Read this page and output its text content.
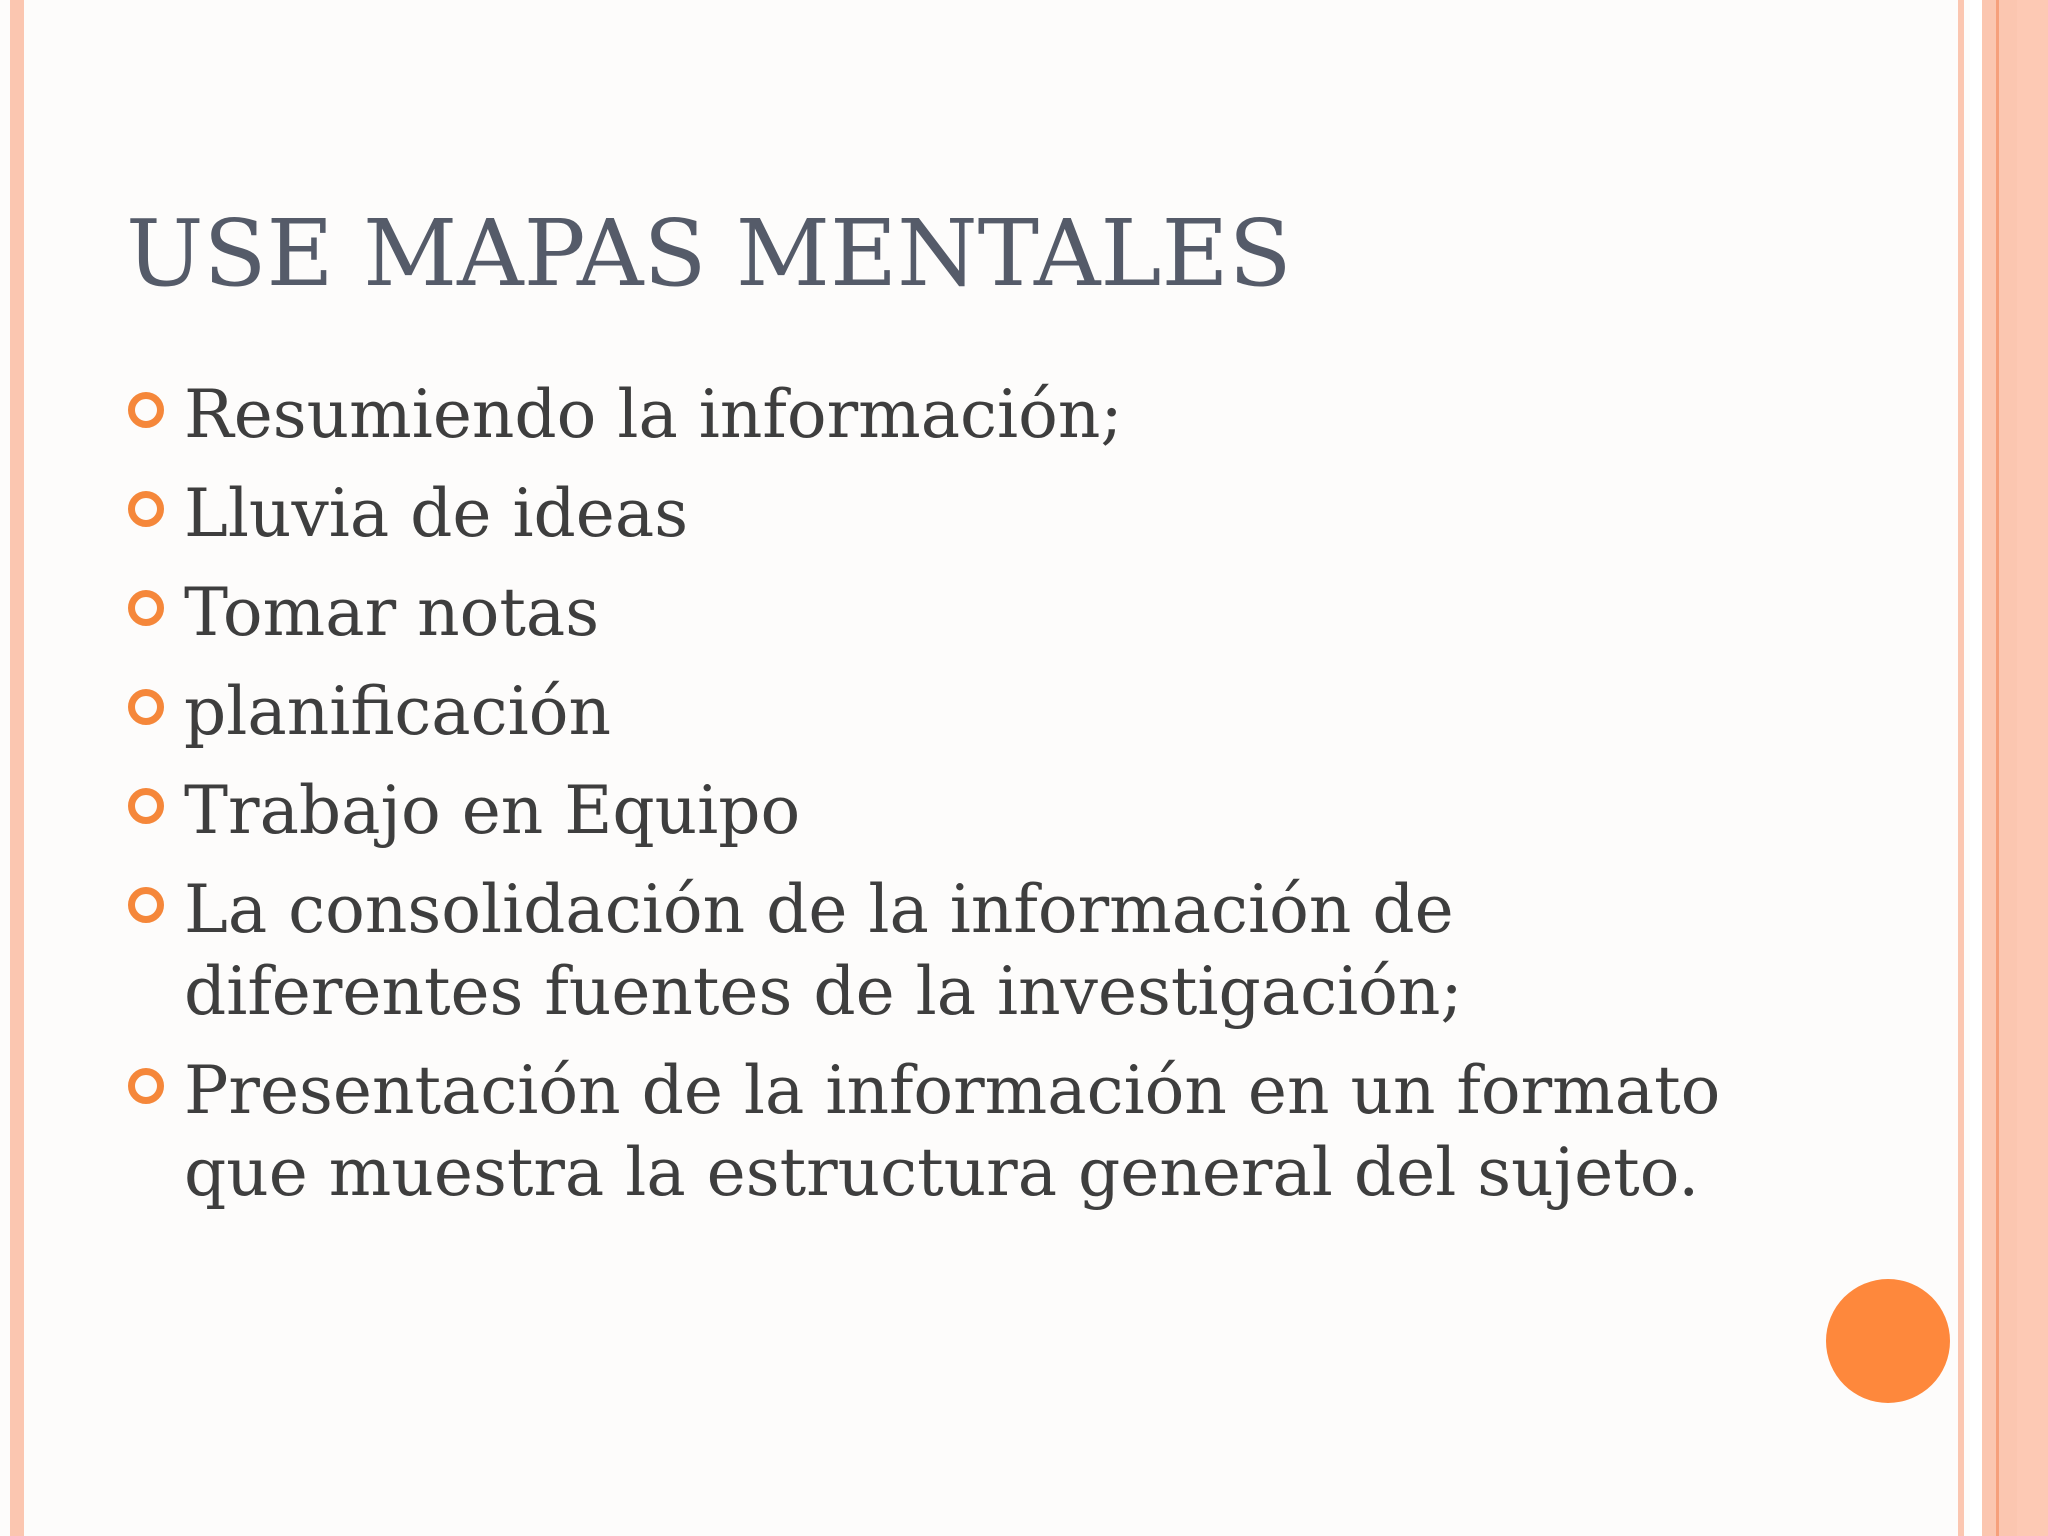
USE MAPAS MENTALES
Resumiendo la información;
Lluvia de ideas
Tomar notas
planificación
Trabajo en Equipo
La consolidación de la información de diferentes fuentes de la investigación;
Presentación de la información en un formato que muestra la estructura general del sujeto.
